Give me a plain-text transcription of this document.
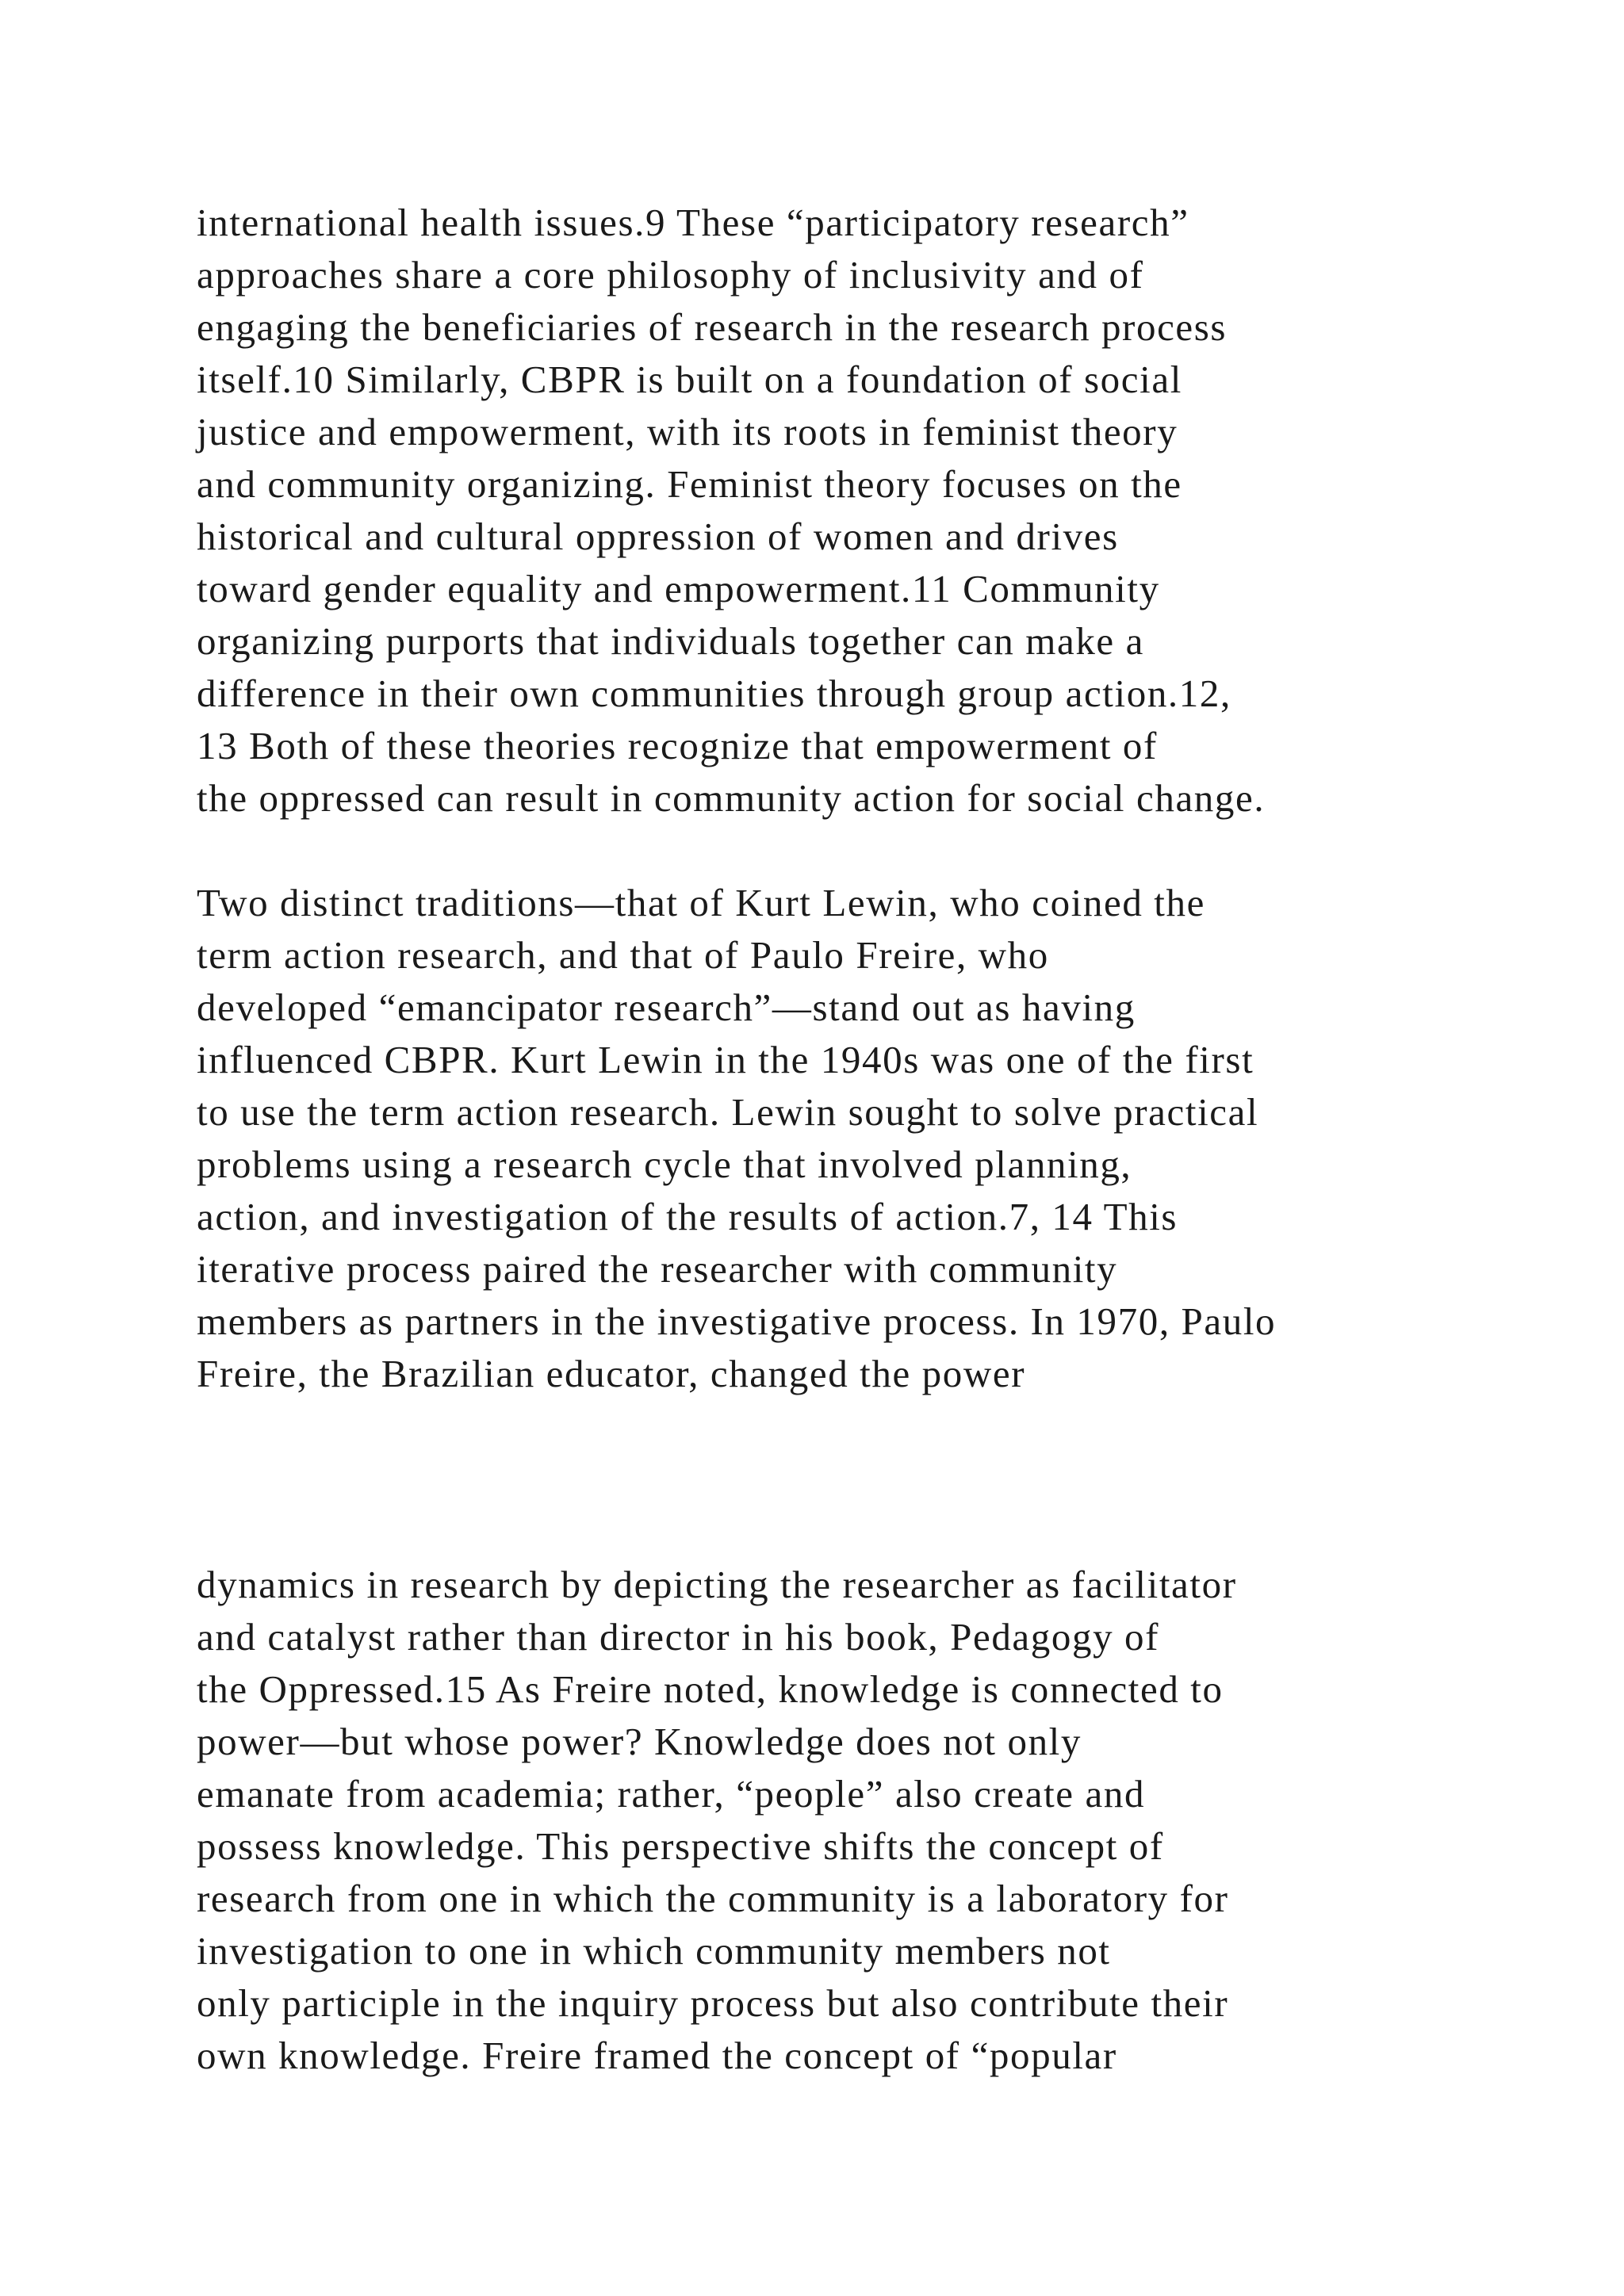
international health issues.9 These “participatory research”
approaches share a core philosophy of inclusivity and of
engaging the beneficiaries of research in the research process
itself.10 Similarly, CBPR is built on a foundation of social
justice and empowerment, with its roots in feminist theory
and community organizing. Feminist theory focuses on the
historical and cultural oppression of women and drives
toward gender equality and empowerment.11 Community
organizing purports that individuals together can make a
difference in their own communities through group action.12,
13 Both of these theories recognize that empowerment of
the oppressed can result in community action for social change.
Two distinct traditions—that of Kurt Lewin, who coined the
term action research, and that of Paulo Freire, who
developed “emancipator research”—stand out as having
influenced CBPR. Kurt Lewin in the 1940s was one of the first
to use the term action research. Lewin sought to solve practical
problems using a research cycle that involved planning,
action, and investigation of the results of action.7, 14 This
iterative process paired the researcher with community
members as partners in the investigative process. In 1970, Paulo
Freire, the Brazilian educator, changed the power
dynamics in research by depicting the researcher as facilitator
and catalyst rather than director in his book, Pedagogy of
the Oppressed.15 As Freire noted, knowledge is connected to
power—but whose power? Knowledge does not only
emanate from academia; rather, “people” also create and
possess knowledge. This perspective shifts the concept of
research from one in which the community is a laboratory for
investigation to one in which community members not
only participle in the inquiry process but also contribute their
own knowledge. Freire framed the concept of “popular
